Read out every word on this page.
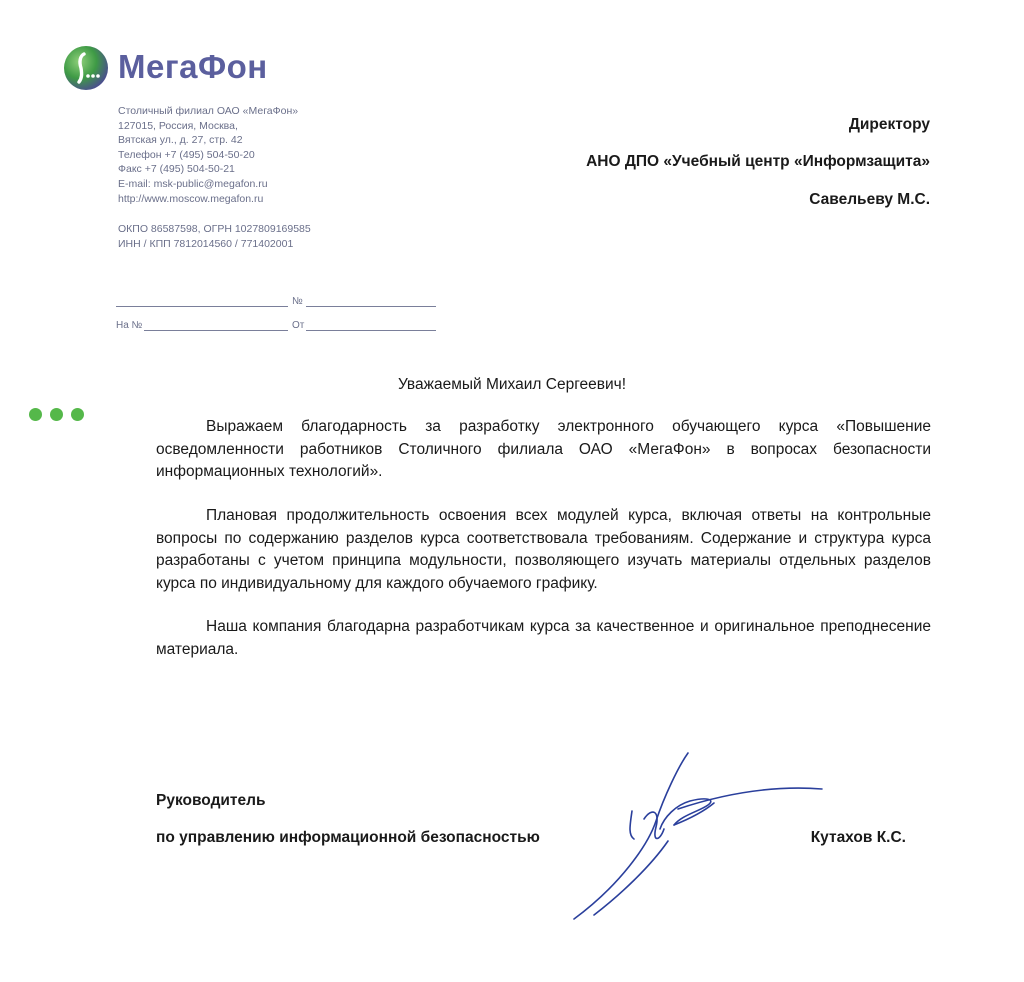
МегаФон
Столичный филиал ОАО «МегаФон»
127015, Россия, Москва,
Вятская ул., д. 27, стр. 42
Телефон +7 (495) 504-50-20
Факс +7 (495) 504-50-21
E-mail: msk-public@megafon.ru
http://www.moscow.megafon.ru
ОКПО 86587598, ОГРН 1027809169585
ИНН / КПП 7812014560 / 771402001
№
На №	От
Директору
АНО ДПО «Учебный центр «Информзащита»
Савельеву М.С.
Уважаемый Михаил Сергеевич!
Выражаем благодарность за разработку электронного обучающего курса «Повышение осведомленности работников Столичного филиала ОАО «МегаФон» в вопросах безопасности информационных технологий».
Плановая продолжительность освоения всех модулей курса, включая ответы на контрольные вопросы по содержанию разделов курса соответствовала требованиям. Содержание и структура курса разработаны с учетом принципа модульности, позволяющего изучать материалы отдельных разделов курса по индивидуальному для каждого обучаемого графику.
Наша компания благодарна разработчикам курса за качественное и оригинальное преподнесение материала.
Руководитель
по управлению информационной безопасностью	Кутахов К.С.
